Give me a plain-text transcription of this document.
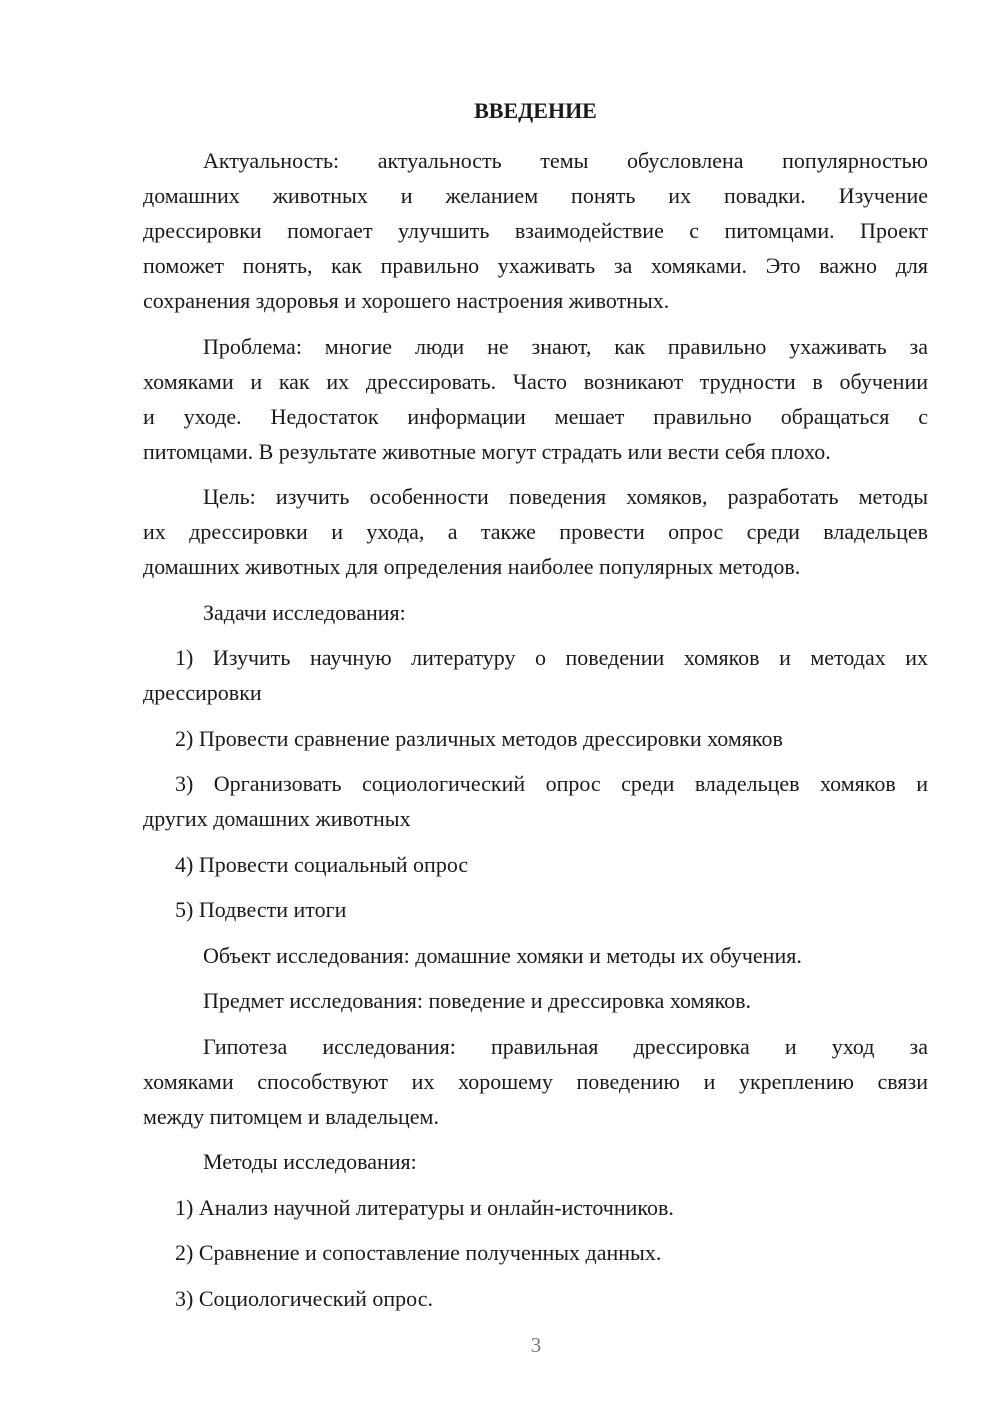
ВВЕДЕНИЕ
Актуальность: актуальность темы обусловлена популярностью
домашних животных и желанием понять их повадки. Изучение
дрессировки помогает улучшить взаимодействие с питомцами. Проект
поможет понять, как правильно ухаживать за хомяками. Это важно для
сохранения здоровья и хорошего настроения животных.
Проблема: многие люди не знают, как правильно ухаживать за
хомяками и как их дрессировать. Часто возникают трудности в обучении
и уходе. Недостаток информации мешает правильно обращаться с
питомцами. В результате животные могут страдать или вести себя плохо.
Цель: изучить особенности поведения хомяков, разработать методы
их дрессировки и ухода, а также провести опрос среди владельцев
домашних животных для определения наиболее популярных методов.
Задачи исследования:
1) Изучить научную литературу о поведении хомяков и методах их
дрессировки
2) Провести сравнение различных методов дрессировки хомяков
3) Организовать социологический опрос среди владельцев хомяков и
других домашних животных
4) Провести социальный опрос
5) Подвести итоги
Объект исследования: домашние хомяки и методы их обучения.
Предмет исследования: поведение и дрессировка хомяков.
Гипотеза исследования: правильная дрессировка и уход за
хомяками способствуют их хорошему поведению и укреплению связи
между питомцем и владельцем.
Методы исследования:
1) Анализ научной литературы и онлайн-источников.
2) Сравнение и сопоставление полученных данных.
3) Социологический опрос.
3
